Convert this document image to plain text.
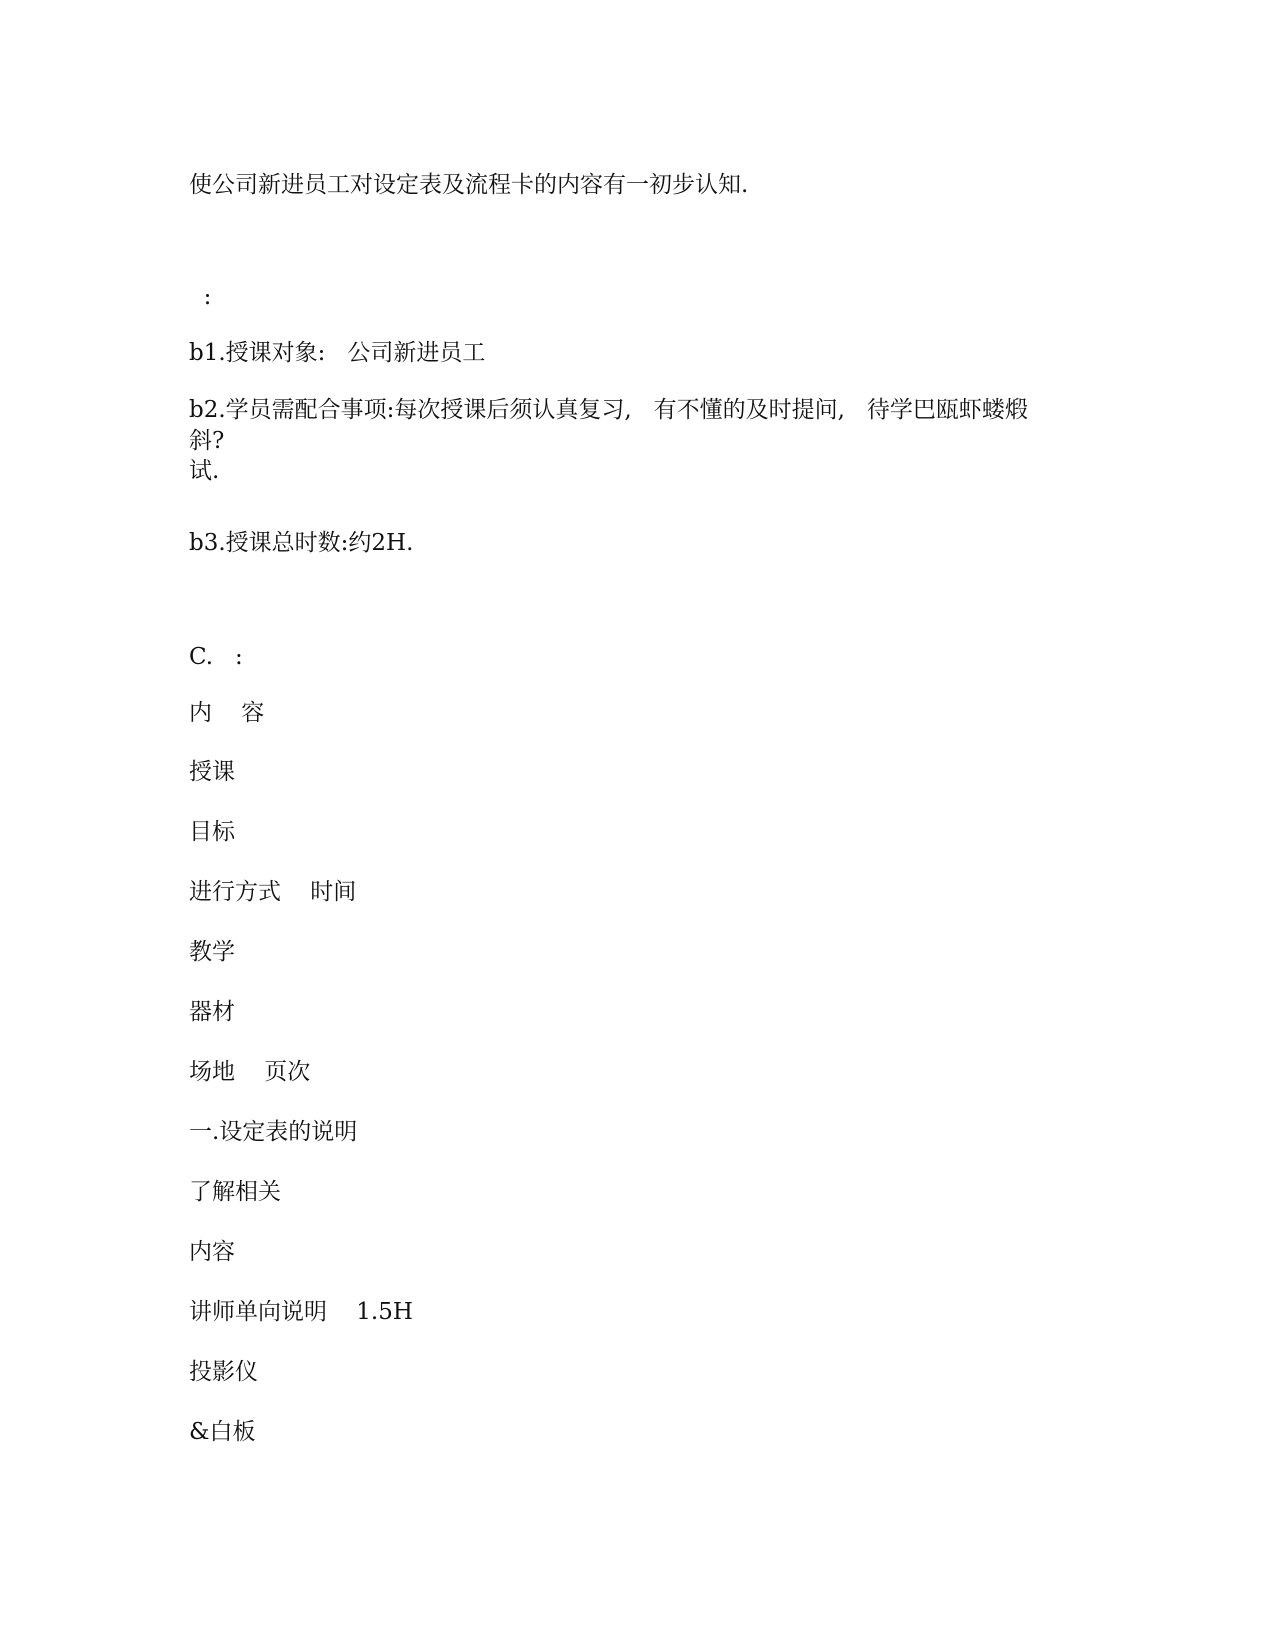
使公司新进员工对设定表及流程卡的内容有一初步认知.

:

b1.授课对象:   公司新进员工

b2.学员需配合事项:每次授课后须认真复习,   有不懂的及时提问,   待学巴瓯虾蝼煅
斜?
试.

b3.授课总时数:约2H.

C.   :

内    容

授课

目标

进行方式    时间

教学

器材

场地    页次

一.设定表的说明

了解相关

内容

讲师单向说明    1.5H

投影仪

&白板
